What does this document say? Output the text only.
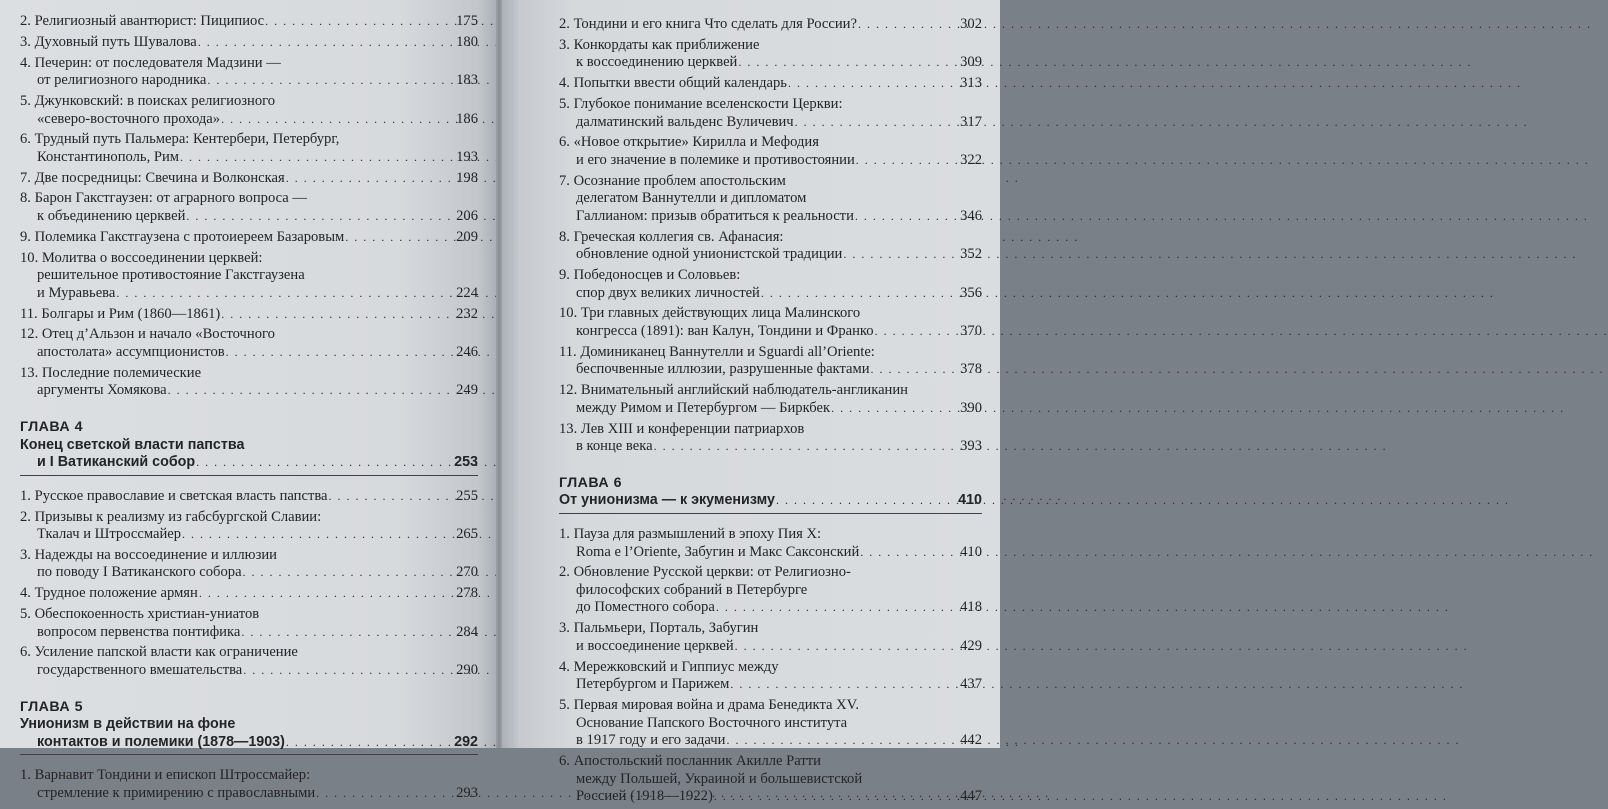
2. Религиозный авантюрист: Пиципиос . . .	175
3. Духовный путь Шувалова . . .	180
4. Печерин: от последователя Мадзини —
от религиозного народника . . .	183
5. Джунковский: в поисках религиозного
«северо-восточного прохода» . . .	186
6. Трудный путь Пальмера: Кентербери, Петербург,
Константинополь, Рим . . .	193
7. Две посредницы: Свечина и Волконская . . .	198
8. Барон Гакстгаузен: от аграрного вопроса —
к объединению церквей . . .	206
9. Полемика Гакстгаузена с протоиереем Базаровым . . .	209
10. Молитва о воссоединении церквей:
решительное противостояние Гакстгаузена
и Муравьева . . .	224
11. Болгары и Рим (1860—1861) . . .	232
12. Отец д’Альзон и начало «Восточного
апостолата» ассумпционистов . . .	246
13. Последние полемические
аргументы Хомякова . . .	249
ГЛАВА 4
Конец светской власти папства
и I Ватиканский собор . . .	253
1. Русское православие и светская власть папства . . .	255
2. Призывы к реализму из габсбургской Славии:
Ткалач и Штроссмайер . . .	265
3. Надежды на воссоединение и иллюзии
по поводу I Ватиканского собора . . .	270
4. Трудное положение армян . . .	278
5. Обеспокоенность христиан-униатов
вопросом первенства понтифика . . .	284
6. Усиление папской власти как ограничение
государственного вмешательства . . .	290
ГЛАВА 5
Унионизм в действии на фоне
контактов и полемики (1878—1903) . . .	292
1. Варнавит Тондини и епископ Штроссмайер:
стремление к примирению с православными . . .	293
2. Тондини и его книга Что сделать для России? . . .	302
3. Конкордаты как приближение
к воссоединению церквей . . .	309
4. Попытки ввести общий календарь . . .	313
5. Глубокое понимание вселенскости Церкви:
далматинский вальденс Вуличевич . . .	317
6. «Новое открытие» Кирилла и Мефодия
и его значение в полемике и противостоянии . . .	322
7. Осознание проблем апостольским
делегатом Ваннутелли и дипломатом
Галлианом: призыв обратиться к реальности . . .	346
8. Греческая коллегия св. Афанасия:
обновление одной унионистской традиции . . .	352
9. Победоносцев и Соловьев:
спор двух великих личностей . . .	356
10. Три главных действующих лица Малинского
конгресса (1891): ван Калун, Тондини и Франко . . .	370
11. Доминиканец Ваннутелли и Sguardi all’Oriente:
беспочвенные иллюзии, разрушенные фактами . . .	378
12. Внимательный английский наблюдатель-англиканин
между Римом и Петербургом — Биркбек . . .	390
13. Лев XIII и конференции патриархов
в конце века . . .	393
ГЛАВА 6
От унионизма — к экуменизму . . .	410
1. Пауза для размышлений в эпоху Пия X:
Roma e l’Oriente, Забугин и Макс Саксонский . . .	410
2. Обновление Русской церкви: от Религиозно-
философских собраний в Петербурге
до Поместного собора . . .	418
3. Пальмьери, Порталь, Забугин
и воссоединение церквей . . .	429
4. Мережковский и Гиппиус между
Петербургом и Парижем . . .	437
5. Первая мировая война и драма Бенедикта XV.
Основание Папского Восточного института
в 1917 году и его задачи . . .	442
6. Апостольский посланник Акилле Ратти
между Польшей, Украиной и большевистской
Россией (1918—1922) . . .	447
